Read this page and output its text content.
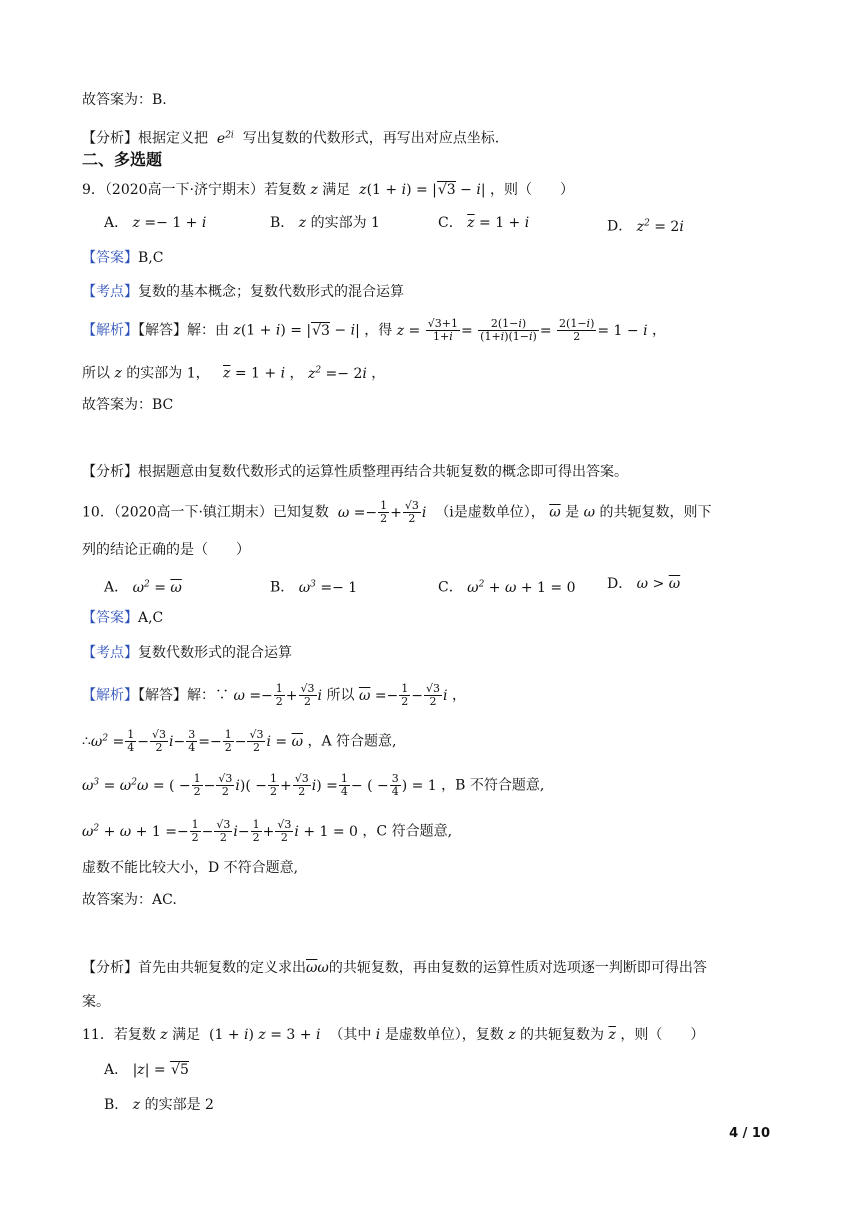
故答案为：B.
【分析】根据定义把  $e^{2i}$ 写出复数的代数形式，再写出对应点坐标.
二、多选题
9．（2020高一下·济宁期末）若复数 z 满足  z(1 + i) = |√3 − i| ，则（　　）
A． z =− 1 + i	B． z 的实部为 1	C． $\overline{z} = 1 + i$	D． $z^2 = 2i$
【答案】B,C
【考点】复数的基本概念；复数代数形式的混合运算
【解析】【解答】解：由 z(1 + i) = |√3 − i| ，得 $z = \frac{√3+1}{1+i} = \frac{2(1-i)}{(1+i)(1-i)} = \frac{2(1-i)}{2} = 1 - i$ ，
所以 z 的实部为 1， $\overline{z} = 1 + i$ ， $z^2 =- 2i$ ，
故答案为：BC
【分析】根据题意由复数代数形式的运算性质整理再结合共轭复数的概念即可得出答案。
10．（2020高一下·镇江期末）已知复数  $\omega =- \frac{1}{2} + \frac{√3}{2}$ i （i是虚数单位）， $\overline{\omega}$ 是 ω 的共轭复数，则下
列的结论正确的是（　　）
A． $\omega^2 = \overline{\omega}$	B． $\omega^3 =- 1$	C． $\omega^2 + \omega + 1 = 0$ D． $\omega > \overline{\omega}$
【答案】A,C
【考点】复数代数形式的混合运算
【解析】【解答】解：∵ $\omega =- \frac{1}{2} + \frac{√3}{2}$ i 所以 $\overline{\omega} =- \frac{1}{2} - \frac{√3}{2}$ i ，
$\therefore\omega^2 = \frac{1}{4} - \frac{√3}{2} i- \frac{3}{4} =- \frac{1}{2} - \frac{√3}{2}$ $i = \overline{\omega}$ ，A 符合题意,
$\omega^3 = \omega^2\omega$ = ( − $\frac{1}{2} - \frac{√3}{2} i)( - \frac{1}{2} + \frac{√3}{2} i) = \frac{1}{4}$ − ( − $\frac{3}{4}$ ) = 1 ，B 不符合题意,
$\omega^2 + \omega + 1 =- \frac{1}{2} - \frac{√3}{2} i- \frac{1}{2} + \frac{√3}{2}$ i + 1 = 0 ，C 符合题意,
虚数不能比较大小，D 不符合题意,
故答案为：AC.
【分析】首先由共轭复数的定义求出$\overline{\omega}\omega$的共轭复数，再由复数的运算性质对选项逐一判断即可得出答
案。
11．若复数 z 满足 (1 + i) z = 3 + i  （其中 i 是虚数单位），复数 z 的共轭复数为 $\overline{z}$ ，则（　　）
A． |z| = √5
B． z 的实部是 2
4 / 10
